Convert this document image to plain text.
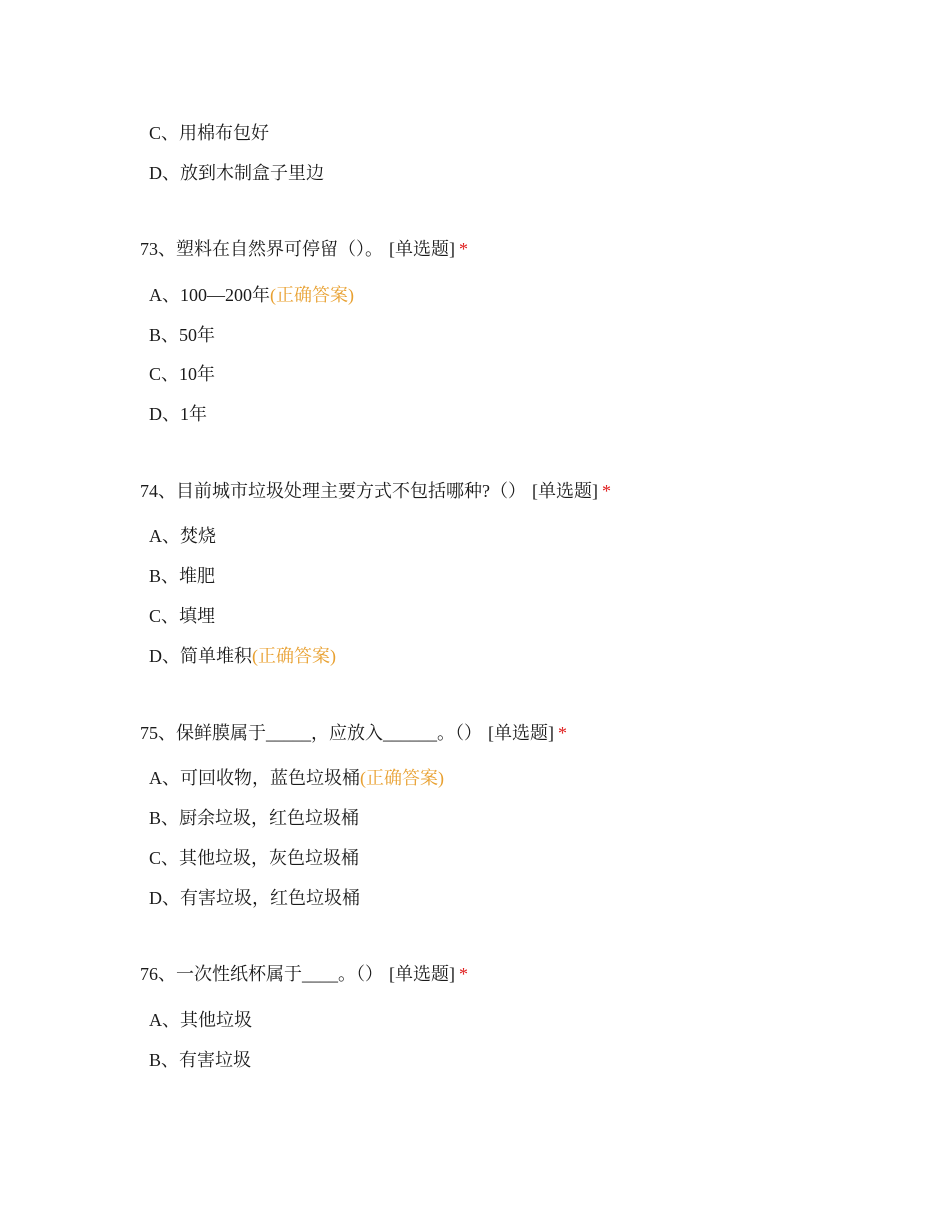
C、用棉布包好
D、放到木制盒子里边
73、塑料在自然界可停留（）。 [单选题] *
A、100—200年(正确答案)
B、50年
C、10年
D、1年
74、目前城市垃圾处理主要方式不包括哪种?（） [单选题] *
A、焚烧
B、堆肥
C、填埋
D、简单堆积(正确答案)
75、保鲜膜属于_____，应放入______。（） [单选题] *
A、可回收物，蓝色垃圾桶(正确答案)
B、厨余垃圾，红色垃圾桶
C、其他垃圾，灰色垃圾桶
D、有害垃圾，红色垃圾桶
76、一次性纸杯属于____。（） [单选题] *
A、其他垃圾
B、有害垃圾
